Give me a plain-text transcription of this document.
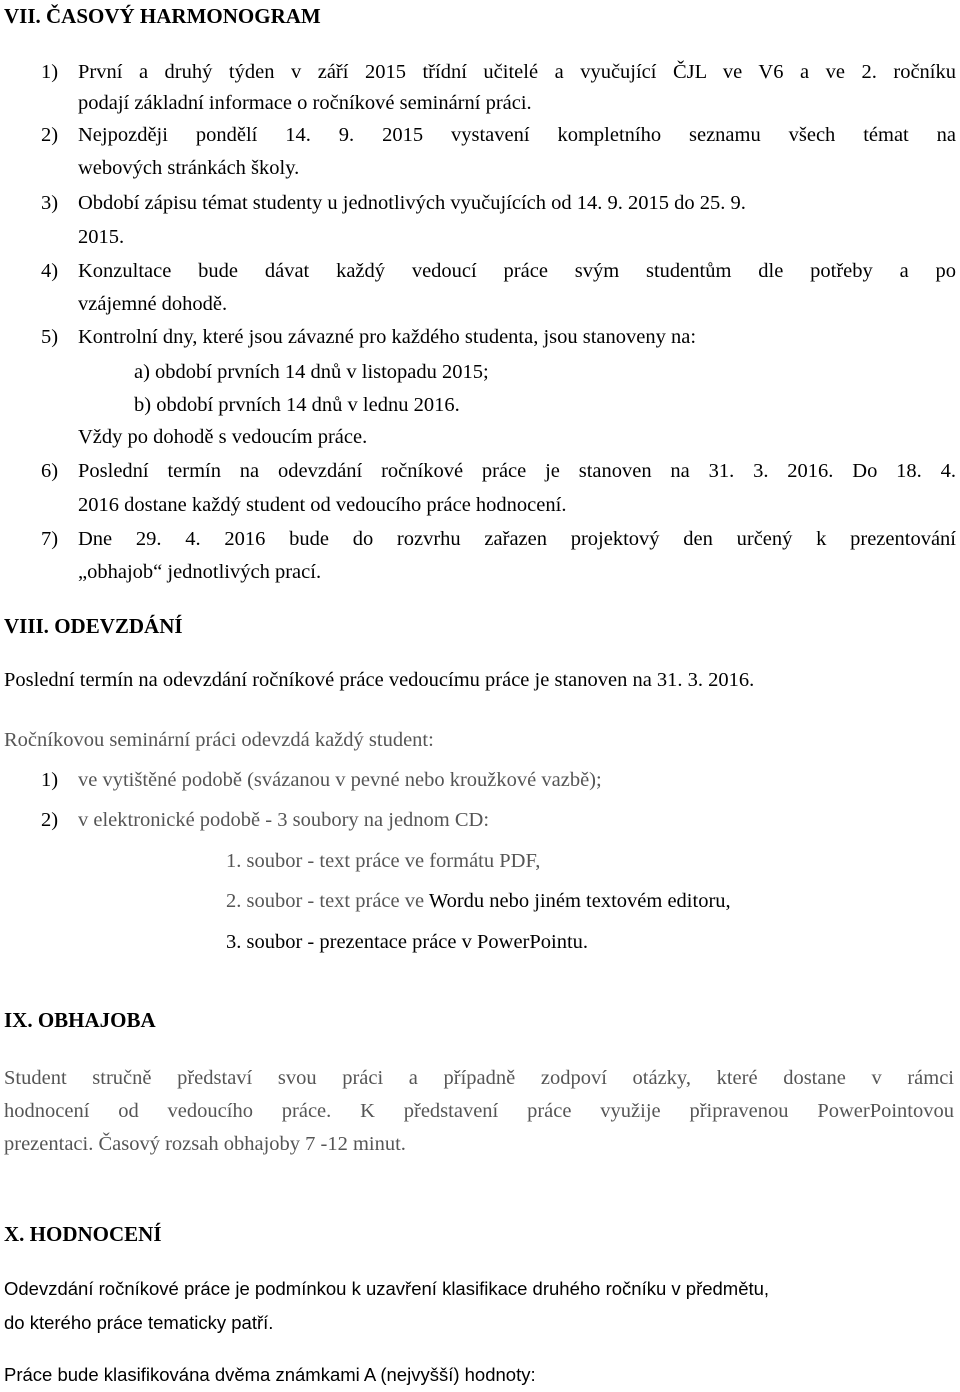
VII. ČASOVÝ HARMONOGRAM
1) První a druhý týden v září 2015 třídní učitelé a vyučující ČJL ve V6 a ve 2. ročníku
podají základní informace o ročníkové seminární práci.
2) Nejpozději pondělí 14. 9. 2015 vystavení kompletního seznamu všech témat na
webových stránkách školy.
3) Období zápisu témat studenty u jednotlivých vyučujících od 14. 9. 2015 do 25. 9.
2015.
4) Konzultace bude dávat každý vedoucí práce svým studentům dle potřeby a po
vzájemné dohodě.
5) Kontrolní dny, které jsou závazné pro každého studenta, jsou stanoveny na:
a) období prvních 14 dnů v listopadu 2015;
b) období prvních 14 dnů v lednu 2016.
Vždy po dohodě s vedoucím práce.
6) Poslední termín na odevzdání ročníkové práce je stanoven na 31. 3. 2016. Do 18. 4.
2016 dostane každý student od vedoucího práce hodnocení.
7) Dne 29. 4. 2016 bude do rozvrhu zařazen projektový den určený k prezentování
„obhajob“ jednotlivých prací.
VIII. ODEVZDÁNÍ
Poslední termín na odevzdání ročníkové práce vedoucímu práce je stanoven na 31. 3. 2016.
Ročníkovou seminární práci odevzdá každý student:
1) ve vytištěné podobě (svázanou v pevné nebo kroužkové vazbě);
2) v elektronické podobě - 3 soubory na jednom CD:
1. soubor - text práce ve formátu PDF,
2. soubor - text práce ve Wordu nebo jiném textovém editoru,
3. soubor - prezentace práce v PowerPointu.
IX. OBHAJOBA
Student stručně představí svou práci a případně zodpoví otázky, které dostane v rámci
hodnocení od vedoucího práce. K představení práce využije připravenou PowerPointovou
prezentaci. Časový rozsah obhajoby 7 -12 minut.
X. HODNOCENÍ
Odevzdání ročníkové práce je podmínkou k uzavření klasifikace druhého ročníku v předmětu,
do kterého práce tematicky patří.
Práce bude klasifikována dvěma známkami A (nejvyšší) hodnoty:
